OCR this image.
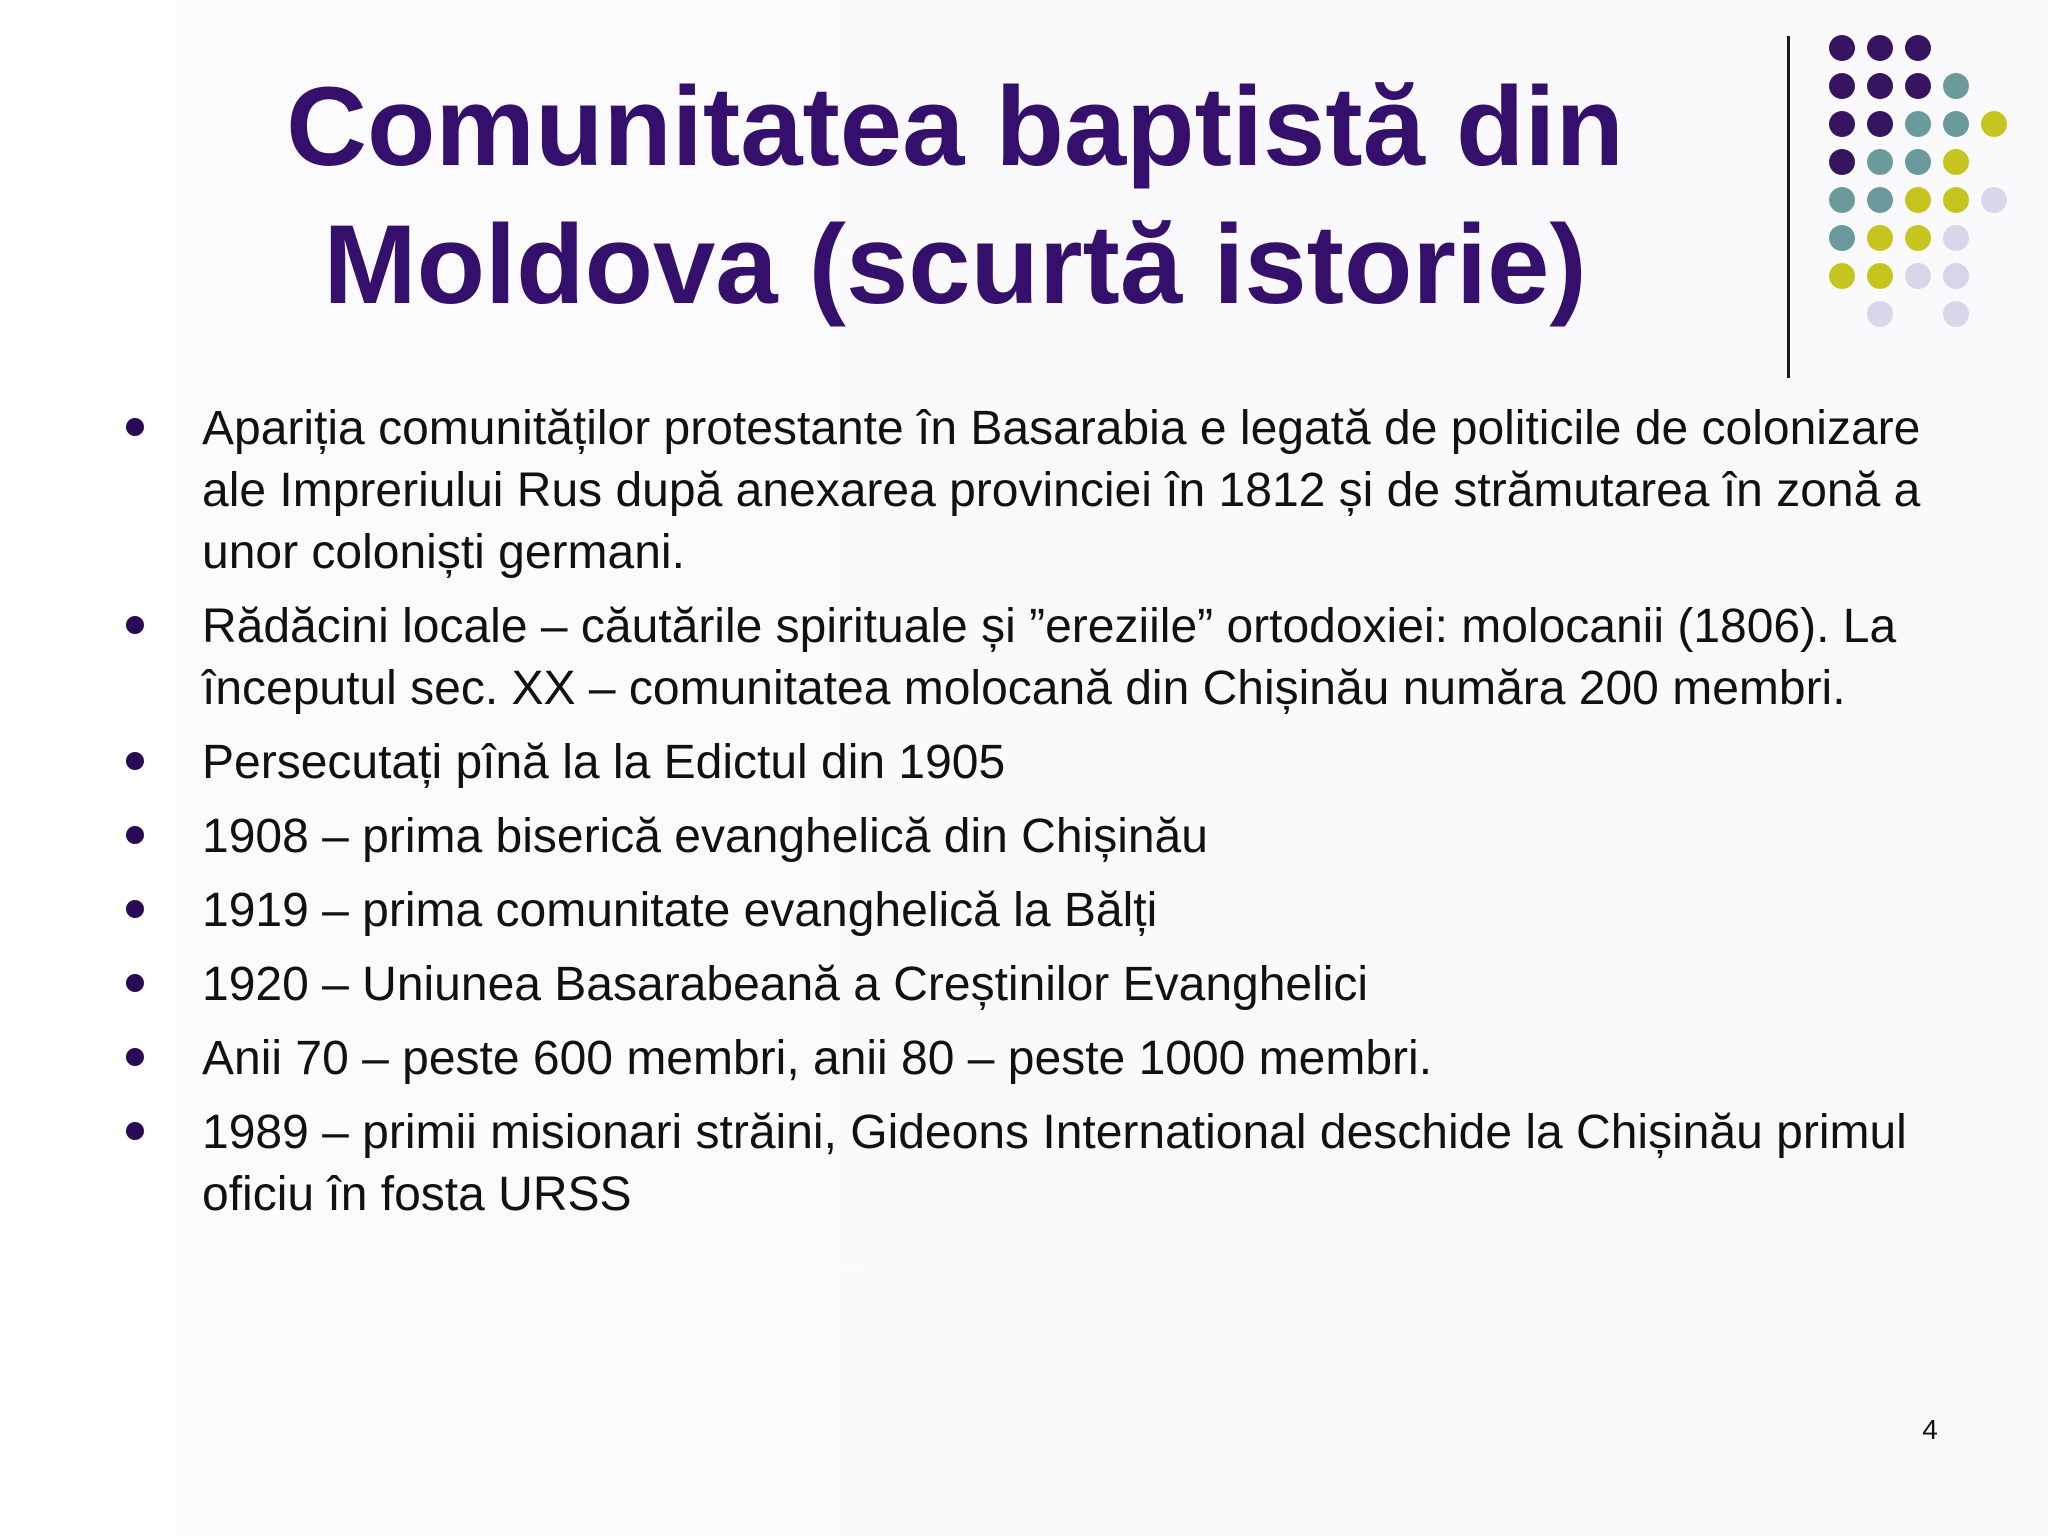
Comunitatea baptistă din Moldova (scurtă istorie)
Apariția comunităților protestante în Basarabia e legată de politicile de colonizare ale Impreriului Rus după anexarea provinciei în 1812 și de strămutarea în zonă a unor coloniști germani.
Rădăcini locale – căutările spirituale și ”ereziile” ortodoxiei: molocanii (1806). La începutul sec. XX – comunitatea molocană din Chișinău număra 200 membri.
Persecutați pînă la la Edictul din 1905
1908 – prima biserică evanghelică din Chișinău
1919 – prima comunitate evanghelică la Bălți
1920 – Uniunea Basarabeană a Creștinilor Evanghelici
Anii 70 – peste 600 membri, anii 80 – peste 1000 membri.
1989 – primii misionari străini, Gideons International deschide la Chișinău primul oficiu în fosta URSS
4
